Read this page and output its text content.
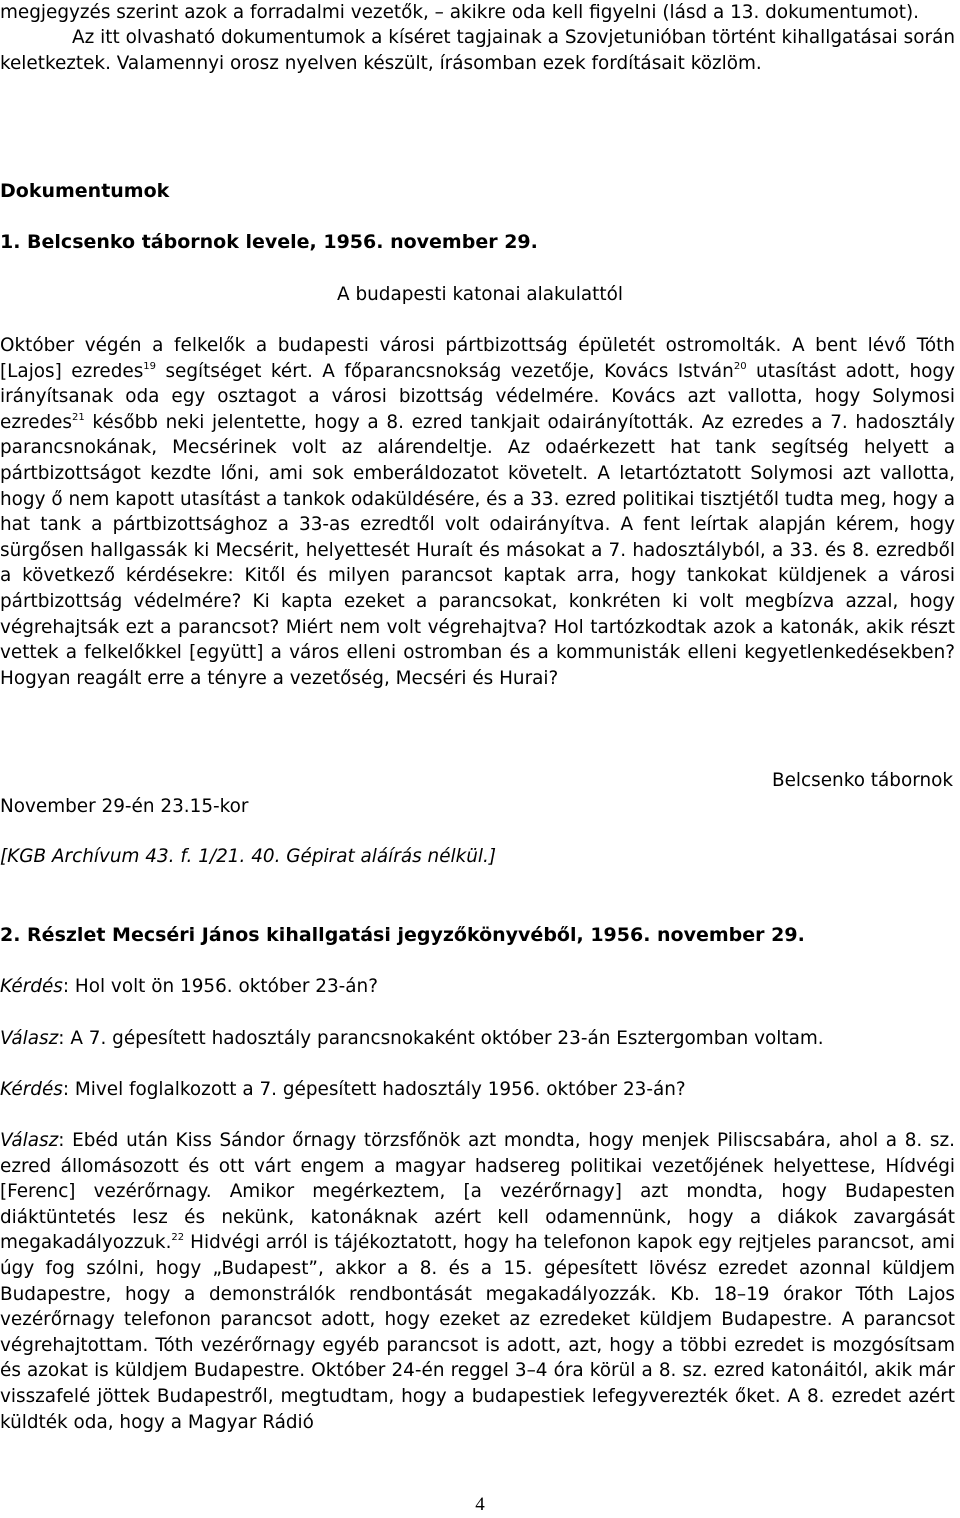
megjegyzés szerint azok a forradalmi vezetők, – akikre oda kell figyelni (lásd a 13. dokumentumot).
Az itt olvasható dokumentumok a kíséret tagjainak a Szovjetunióban történt kihallgatásai során keletkeztek. Valamennyi orosz nyelven készült, írásomban ezek fordításait közlöm.

Dokumentumok
1. Belcsenko tábornok levele, 1956. november 29.
A budapesti katonai alakulattól

Október végén a felkelők a budapesti városi pártbizottság épületét ostromolták. A bent lévő Tóth [Lajos] ezredes$^{19}$ segítséget kért. A főparancsnokság vezetője, Kovács István$^{20}$ utasítást adott, hogy irányítsanak oda egy osztagot a városi bizottság védelmére. Kovács azt vallotta, hogy Solymosi ezredes$^{21}$ később neki jelentette, hogy a 8. ezred tankjait odairányították. Az ezredes a 7. hadosztály parancsnokának, Mecsérinek volt az alárendeltje. Az odaérkezett hat tank segítség helyett a pártbizottságot kezdte lőni, ami sok emberáldozatot követelt. A letartóztatott Solymosi azt vallotta, hogy ő nem kapott utasítást a tankok odaküldésére, és a 33. ezred politikai tisztjétől tudta meg, hogy a hat tank a pártbizottsághoz a 33-as ezredtől volt odairányítva. A fent leírtak alapján kérem, hogy sürgősen hallgassák ki Mecsérit, helyettesét Huraít és másokat a 7. hadosztályból, a 33. és 8. ezredből a következő kérdésekre: Kitől és milyen parancsot kaptak arra, hogy tankokat küldjenek a városi pártbizottság védelmére? Ki kapta ezeket a parancsokat, konkréten ki volt megbízva azzal, hogy végrehajtsák ezt a parancsot? Miért nem volt végrehajtva? Hol tartózkodtak azok a katonák, akik részt vettek a felkelőkkel [együtt] a város elleni ostromban és a kommunisták elleni kegyetlenkedésekben? Hogyan reagált erre a tényre a vezetőség, Mecséri és Hurai?

Belcsenko tábornok
November 29-én 23.15-kor
[KGB Archívum 43. f. 1/21. 40. Gépirat aláírás nélkül.]
2. Részlet Mecséri János kihallgatási jegyzőkönyvéből, 1956. november 29.

Kérdés: Hol volt ön 1956. október 23-án?

Válasz: A 7. gépesített hadosztály parancsnokaként október 23-án Esztergomban voltam.

Kérdés: Mivel foglalkozott a 7. gépesített hadosztály 1956. október 23-án?

Válasz: Ebéd után Kiss Sándor őrnagy törzsfőnök azt mondta, hogy menjek Piliscsabára, ahol a 8. sz. ezred állomásozott és ott várt engem a magyar hadsereg politikai vezetőjének helyettese, Hídvégi [Ferenc] vezérőrnagy. Amikor megérkeztem, [a vezérőrnagy] azt mondta, hogy Budapesten diáktüntetés lesz és nekünk, katonáknak azért kell odamennünk, hogy a diákok zavargását megakadályozzuk.$^{22}$ Hidvégi arról is tájékoztatott, hogy ha telefonon kapok egy rejtjeles parancsot, ami úgy fog szólni, hogy „Budapest”, akkor a 8. és a 15. gépesített lövész ezredet azonnal küldjem Budapestre, hogy a demonstrálók rendbontását megakadályozzák. Kb. 18–19 órakor Tóth Lajos vezérőrnagy telefonon parancsot adott, hogy ezeket az ezredeket küldjem Budapestre. A parancsot végrehajtottam. Tóth vezérőrnagy egyéb parancsot is adott, azt, hogy a többi ezredet is mozgósítsam és azokat is küldjem Budapestre. Október 24-én reggel 3–4 óra körül a 8. sz. ezred katonáitól, akik már visszafelé jöttek Budapestről, megtudtam, hogy a budapestiek lefegyverezték őket. A 8. ezredet azért küldték oda, hogy a Magyar Rádió

4
